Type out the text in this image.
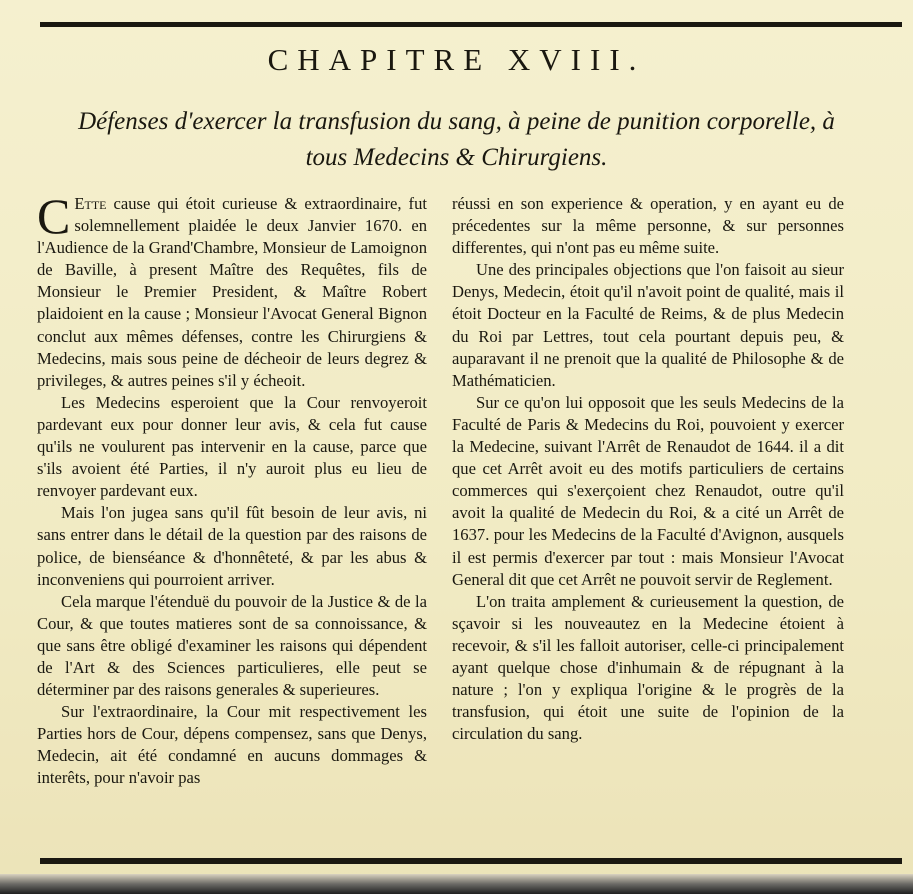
CHAPITRE XVIII.
Défenses d'exercer la transfusion du sang, à peine de punition corporelle, à
tous Medecins & Chirurgiens.

C Ette cause qui étoit curieuse & extraordinaire, fut solemnellement plaidée le deux Janvier 1670. en l'Audience de la Grand'Chambre, Monsieur de Lamoignon de Baville, à present Maître des Requêtes, fils de Monsieur le Premier President, & Maître Robert plaidoient en la cause ; Monsieur l'Avocat General Bignon conclut aux mêmes défenses, contre les Chirurgiens & Medecins, mais sous peine de décheoir de leurs degrez & privileges, & autres peines s'il y écheoit.

Les Medecins esperoient que la Cour renvoyeroit pardevant eux pour donner leur avis, & cela fut cause qu'ils ne voulurent pas intervenir en la cause, parce que s'ils avoient été Parties, il n'y auroit plus eu lieu de renvoyer pardevant eux.

Mais l'on jugea sans qu'il fût besoin de leur avis, ni sans entrer dans le détail de la question par des raisons de police, de bienséance & d'honnêteté, & par les abus & inconveniens qui pourroient arriver.

Cela marque l'étenduë du pouvoir de la Justice & de la Cour, & que toutes matieres sont de sa connoissance, & que sans être obligé d'examiner les raisons qui dépendent de l'Art & des Sciences particulieres, elle peut se déterminer par des raisons generales & superieures.

Sur l'extraordinaire, la Cour mit respectivement les Parties hors de Cour, dépens compensez, sans que Denys, Medecin, ait été condamné en aucuns dommages & interêts, pour n'avoir pas

réussi en son experience & operation, y en ayant eu de précedentes sur la même personne, & sur personnes differentes, qui n'ont pas eu même suite.

Une des principales objections que l'on faisoit au sieur Denys, Medecin, étoit qu'il n'avoit point de qualité, mais il étoit Docteur en la Faculté de Reims, & de plus Medecin du Roi par Lettres, tout cela pourtant depuis peu, & auparavant il ne prenoit que la qualité de Philosophe & de Mathématicien.

Sur ce qu'on lui opposoit que les seuls Medecins de la Faculté de Paris & Medecins du Roi, pouvoient y exercer la Medecine, suivant l'Arrêt de Renaudot de 1644. il a dit que cet Arrêt avoit eu des motifs particuliers de certains commerces qui s'exerçoient chez Renaudot, outre qu'il avoit la qualité de Medecin du Roi, & a cité un Arrêt de 1637. pour les Medecins de la Faculté d'Avignon, ausquels il est permis d'exercer par tout : mais Monsieur l'Avocat General dit que cet Arrêt ne pouvoit servir de Reglement.

L'on traita amplement & curieusement la question, de sçavoir si les nouveautez en la Medecine étoient à recevoir, & s'il les falloit autoriser, celle-ci principalement ayant quelque chose d'inhumain & de répugnant à la nature ; l'on y expliqua l'origine & le progrès de la transfusion, qui étoit une suite de l'opinion de la circulation du sang.
